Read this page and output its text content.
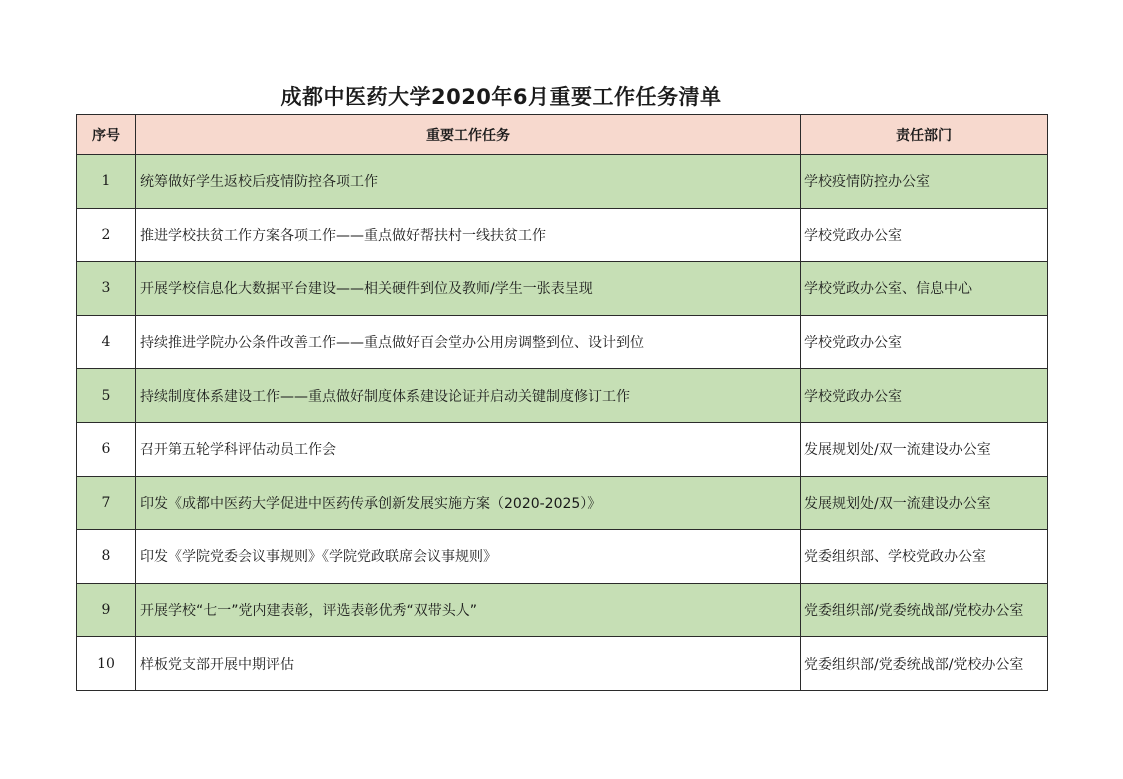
成都中医药大学2020年6月重要工作任务清单
序号	重要工作任务	责任部门
1	统筹做好学生返校后疫情防控各项工作	学校疫情防控办公室
2	推进学校扶贫工作方案各项工作——重点做好帮扶村一线扶贫工作	学校党政办公室
3	开展学校信息化大数据平台建设——相关硬件到位及教师/学生一张表呈现	学校党政办公室、信息中心
4	持续推进学院办公条件改善工作——重点做好百会堂办公用房调整到位、设计到位	学校党政办公室
5	持续制度体系建设工作——重点做好制度体系建设论证并启动关键制度修订工作	学校党政办公室
6	召开第五轮学科评估动员工作会	发展规划处/双一流建设办公室
7	印发《成都中医药大学促进中医药传承创新发展实施方案（2020-2025）》	发展规划处/双一流建设办公室
8	印发《学院党委会议事规则》《学院党政联席会议事规则》	党委组织部、学校党政办公室
9	开展学校“七一”党内建表彰，评选表彰优秀“双带头人”	党委组织部/党委统战部/党校办公室
10	样板党支部开展中期评估	党委组织部/党委统战部/党校办公室
